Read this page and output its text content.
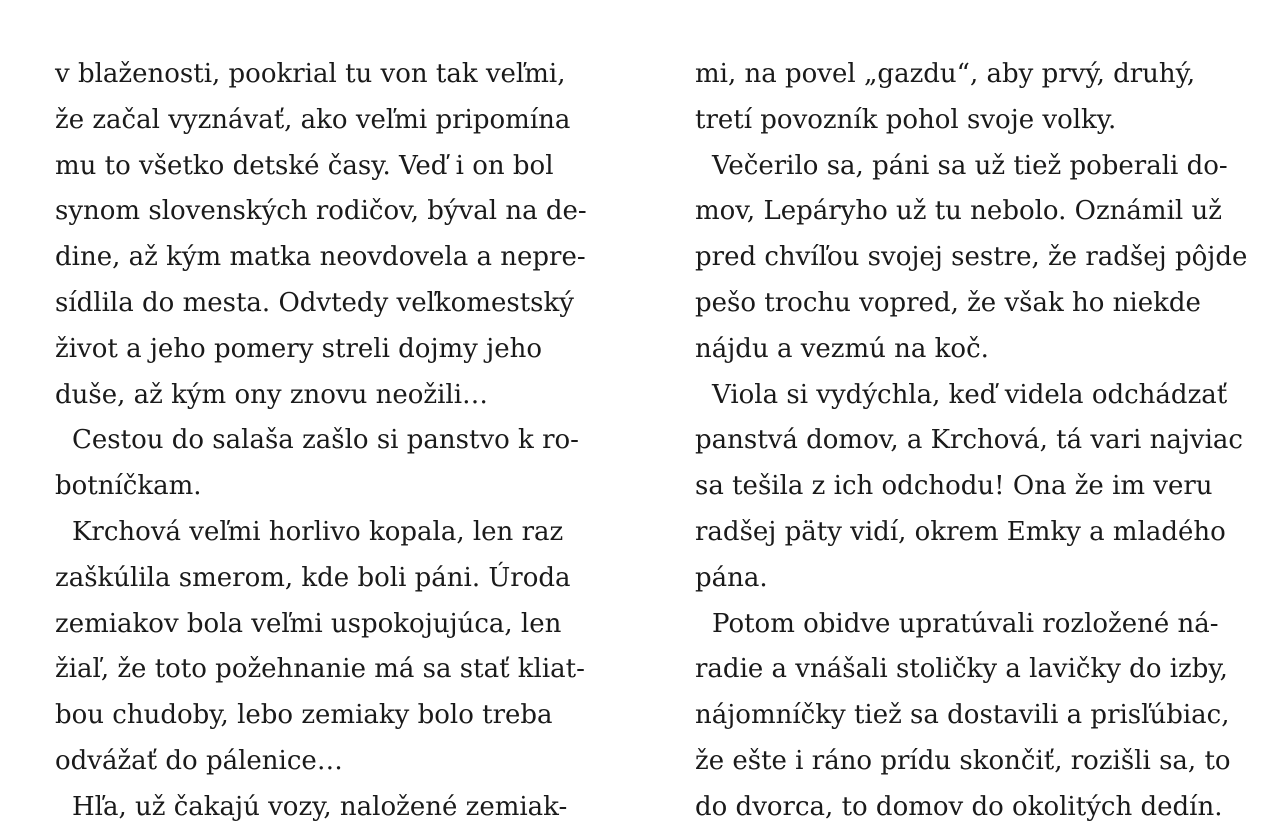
v blaženosti, pookrial tu von tak veľmi,
že začal vyznávať, ako veľmi pripomína
mu to všetko detské časy. Veď i on bol
synom slovenských rodičov, býval na de-
dine, až kým matka neovdovela a nepre-
sídlila do mesta. Odvtedy veľkomestský
život a jeho pomery streli dojmy jeho
duše, až kým ony znovu neožili…
Cestou do salaša zašlo si panstvo k ro-
botníčkam.
Krchová veľmi horlivo kopala, len raz
zaškúlila smerom, kde boli páni. Úroda
zemiakov bola veľmi uspokojujúca, len
žiaľ, že toto požehnanie má sa stať kliat-
bou chudoby, lebo zemiaky bolo treba
odvážať do pálenice…
Hľa, už čakajú vozy, naložené zemiak-
mi, na povel „gazdu“, aby prvý, druhý,
tretí povozník pohol svoje volky.
Večerilo sa, páni sa už tiež poberali do-
mov, Lepáryho už tu nebolo. Oznámil už
pred chvíľou svojej sestre, že radšej pôjde
pešo trochu vopred, že však ho niekde
nájdu a vezmú na koč.
Viola si vydýchla, keď videla odchádzať
panstvá domov, a Krchová, tá vari najviac
sa tešila z ich odchodu! Ona že im veru
radšej päty vidí, okrem Emky a mladého
pána.
Potom obidve upratúvali rozložené ná-
radie a vnášali stoličky a lavičky do izby,
nájomníčky tiež sa dostavili a prisľúbiac,
že ešte i ráno prídu skončiť, rozišli sa, to
do dvorca, to domov do okolitých dedín.
